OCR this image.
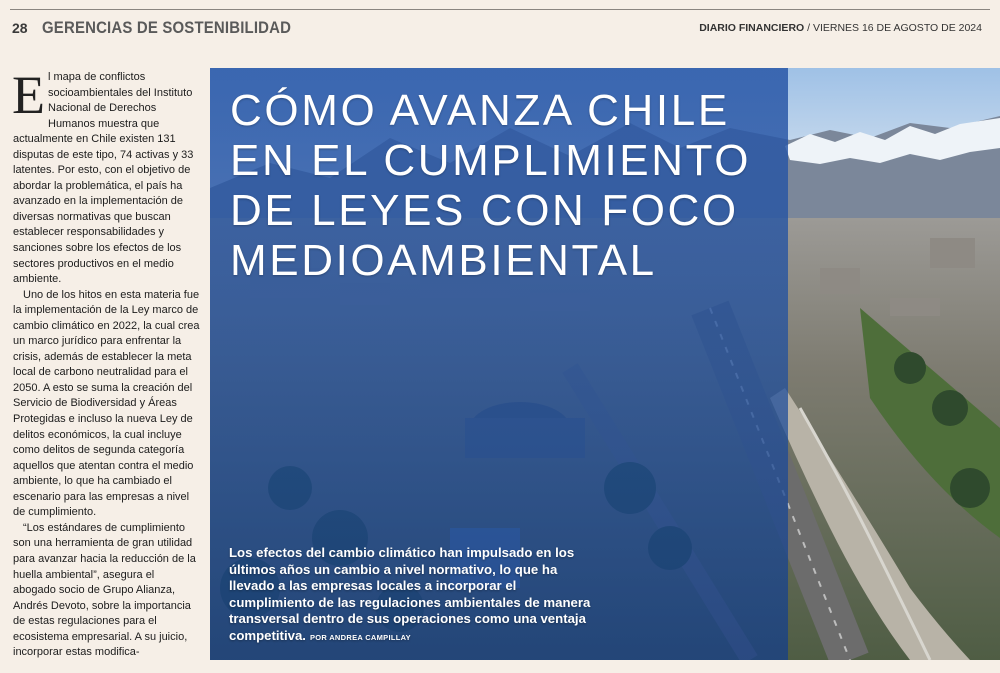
28 GERENCIAS DE SOSTENIBILIDAD	DIARIO FINANCIERO / VIERNES 16 DE AGOSTO DE 2024

El mapa de conflictos socioambientales del Instituto Nacional de Derechos Humanos muestra que actualmente en Chile existen 131 disputas de este tipo, 74 activas y 33 latentes. Por esto, con el objetivo de abordar la problemática, el país ha avanzado en la implementación de diversas normativas que buscan establecer responsabilidades y sanciones sobre los efectos de los sectores productivos en el medio ambiente.

Uno de los hitos en esta materia fue la implementación de la Ley marco de cambio climático en 2022, la cual crea un marco jurídico para enfrentar la crisis, además de establecer la meta local de carbono neutralidad para el 2050. A esto se suma la creación del Servicio de Biodiversidad y Áreas Protegidas e incluso la nueva Ley de delitos económicos, la cual incluye como delitos de segunda categoría aquellos que atentan contra el medio ambiente, lo que ha cambiado el escenario para las empresas a nivel de cumplimiento.

“Los estándares de cumplimiento son una herramienta de gran utilidad para avanzar hacia la reducción de la huella ambiental”, asegura el abogado socio de Grupo Alianza, Andrés Devoto, sobre la importancia de estas regulaciones para el ecosistema empresarial. A su juicio, incorporar estas modifica-

CÓMO AVANZA CHILE EN EL CUMPLIMIENTO DE LEYES CON FOCO MEDIOAMBIENTAL
Los efectos del cambio climático han impulsado en los últimos años un cambio a nivel normativo, lo que ha llevado a las empresas locales a incorporar el cumplimiento de las regulaciones ambientales de manera transversal dentro de sus operaciones como una ventaja competitiva. POR ANDREA CAMPILLAY
